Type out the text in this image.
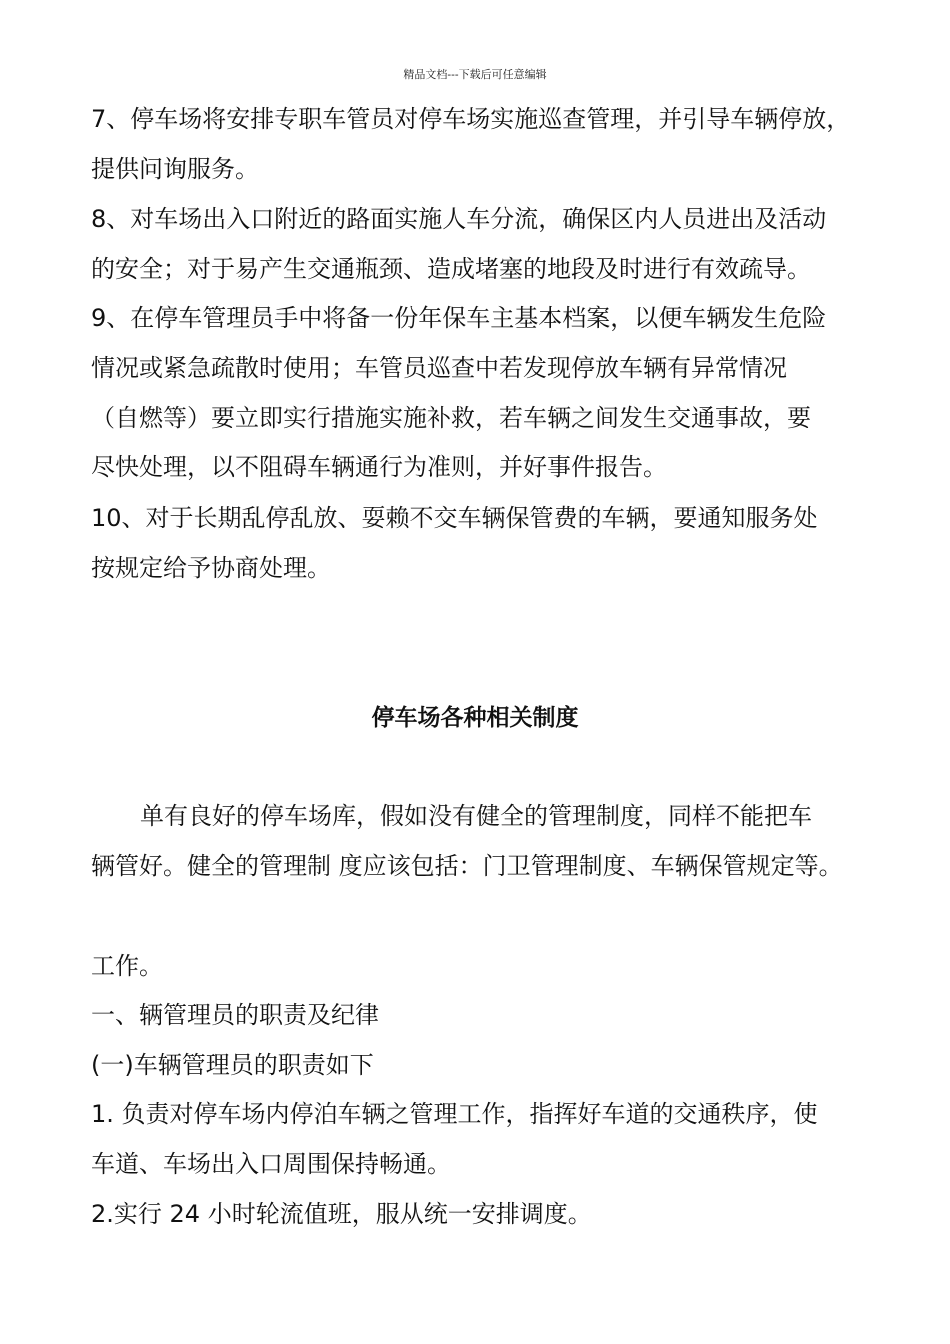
精品文档---下载后可任意编辑
7、停车场将安排专职车管员对停车场实施巡查管理，并引导车辆停放，
提供问询服务。
8、对车场出入口附近的路面实施人车分流，确保区内人员进出及活动
的安全；对于易产生交通瓶颈、造成堵塞的地段及时进行有效疏导。
9、在停车管理员手中将备一份年保车主基本档案，以便车辆发生危险
情况或紧急疏散时使用；车管员巡查中若发现停放车辆有异常情况
（自燃等）要立即实行措施实施补救，若车辆之间发生交通事故，要
尽快处理，以不阻碍车辆通行为准则，并好事件报告。
10、对于长期乱停乱放、耍赖不交车辆保管费的车辆，要通知服务处
按规定给予协商处理。
停车场各种相关制度
单有良好的停车场库，假如没有健全的管理制度，同样不能把车
辆管好。健全的管理制 度应该包括：门卫管理制度、车辆保管规定等。
工作。
一、辆管理员的职责及纪律
(一)车辆管理员的职责如下
1. 负责对停车场内停泊车辆之管理工作，指挥好车道的交通秩序，使
车道、车场出入口周围保持畅通。
2.实行 24 小时轮流值班，服从统一安排调度。
